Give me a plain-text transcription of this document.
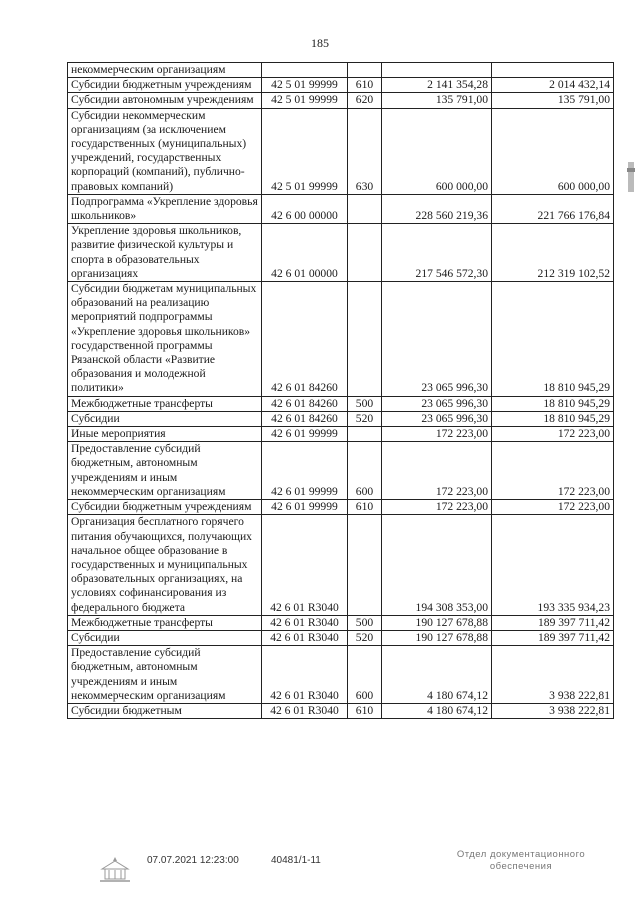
185
некоммерческим организациям				
Субсидии бюджетным учреждениям	42 5 01 99999	610	2 141 354,28	2 014 432,14
Субсидии автономным учреждениям	42 5 01 99999	620	135 791,00	135 791,00
Субсидии некоммерческим организациям (за исключением государственных (муниципальных) учреждений, государственных корпораций (компаний), публично-правовых компаний)	42 5 01 99999	630	600 000,00	600 000,00
Подпрограмма «Укрепление здоровья школьников»	42 6 00 00000		228 560 219,36	221 766 176,84
Укрепление здоровья школьников, развитие физической культуры и спорта в образовательных организациях	42 6 01 00000		217 546 572,30	212 319 102,52
Субсидии бюджетам муниципальных образований на реализацию мероприятий подпрограммы «Укрепление здоровья школьников» государственной программы Рязанской области «Развитие образования и молодежной политики»	42 6 01 84260		23 065 996,30	18 810 945,29
Межбюджетные трансферты	42 6 01 84260	500	23 065 996,30	18 810 945,29
Субсидии	42 6 01 84260	520	23 065 996,30	18 810 945,29
Иные мероприятия	42 6 01 99999		172 223,00	172 223,00
Предоставление субсидий бюджетным, автономным учреждениям и иным некоммерческим организациям	42 6 01 99999	600	172 223,00	172 223,00
Субсидии бюджетным учреждениям	42 6 01 99999	610	172 223,00	172 223,00
Организация бесплатного горячего питания обучающихся, получающих начальное общее образование в государственных и муниципальных образовательных организациях, на условиях софинансирования из федерального бюджета	42 6 01 R3040		194 308 353,00	193 335 934,23
Межбюджетные трансферты	42 6 01 R3040	500	190 127 678,88	189 397 711,42
Субсидии	42 6 01 R3040	520	190 127 678,88	189 397 711,42
Предоставление субсидий бюджетным, автономным учреждениям и иным некоммерческим организациям	42 6 01 R3040	600	4 180 674,12	3 938 222,81
Субсидии бюджетным	42 6 01 R3040	610	4 180 674,12	3 938 222,81
07.07.2021 12:23:00	40481/1-11
Отдел документационного
обеспечения
